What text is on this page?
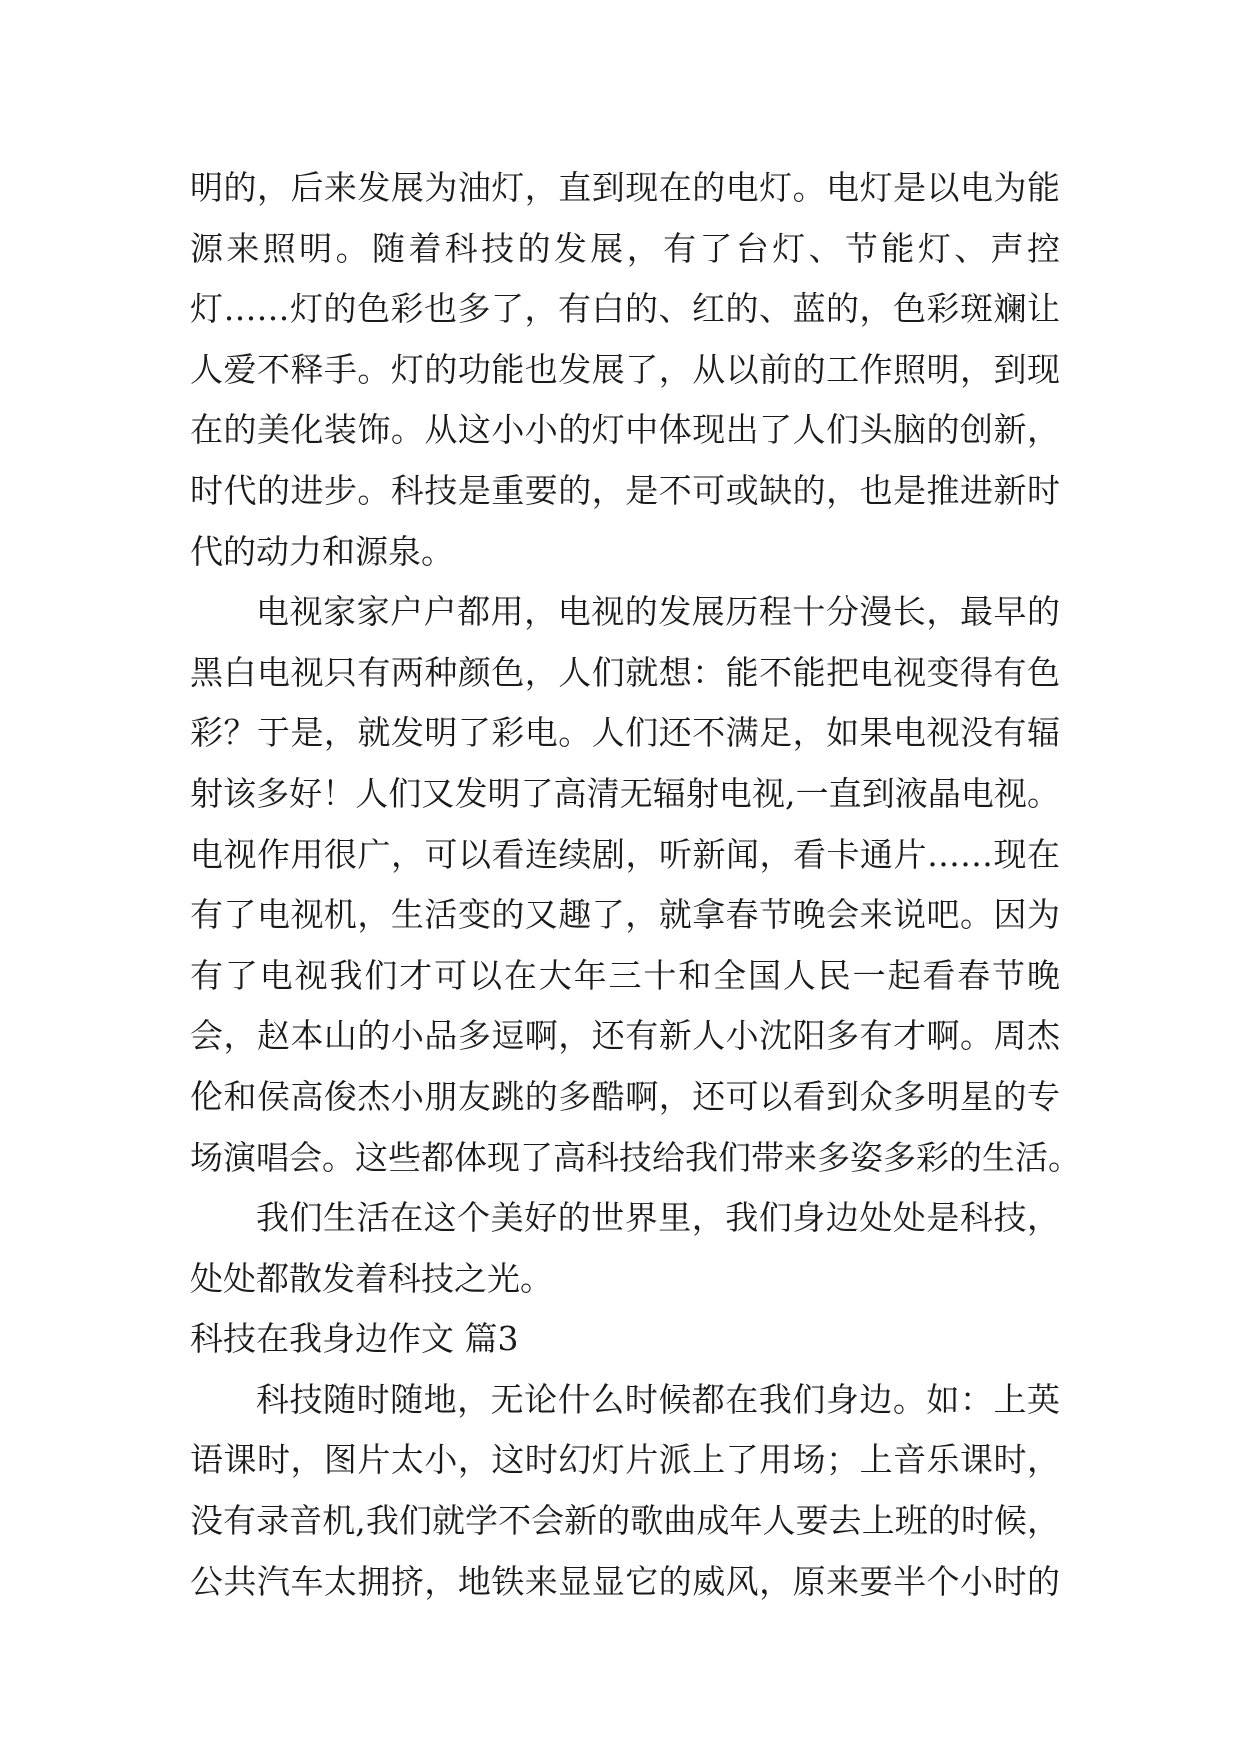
明的，后来发展为油灯，直到现在的电灯。电灯是以电为能
源来照明。随着科技的发展，有了台灯、节能灯、声控
灯……灯的色彩也多了，有白的、红的、蓝的，色彩斑斓让
人爱不释手。灯的功能也发展了，从以前的工作照明，到现
在的美化装饰。从这小小的灯中体现出了人们头脑的创新，
时代的进步。科技是重要的，是不可或缺的，也是推进新时
代的动力和源泉。
电视家家户户都用，电视的发展历程十分漫长，最早的
黑白电视只有两种颜色，人们就想：能不能把电视变得有色
彩？于是，就发明了彩电。人们还不满足，如果电视没有辐
射该多好！人们又发明了高清无辐射电视,一直到液晶电视。
电视作用很广，可以看连续剧，听新闻，看卡通片……现在
有了电视机，生活变的又趣了，就拿春节晚会来说吧。因为
有了电视我们才可以在大年三十和全国人民一起看春节晚
会，赵本山的小品多逗啊，还有新人小沈阳多有才啊。周杰
伦和侯高俊杰小朋友跳的多酷啊，还可以看到众多明星的专
场演唱会。这些都体现了高科技给我们带来多姿多彩的生活。
我们生活在这个美好的世界里，我们身边处处是科技，
处处都散发着科技之光。
科技在我身边作文 篇3
科技随时随地，无论什么时候都在我们身边。如：上英
语课时，图片太小，这时幻灯片派上了用场；上音乐课时，
没有录音机,我们就学不会新的歌曲成年人要去上班的时候，
公共汽车太拥挤，地铁来显显它的威风，原来要半个小时的
